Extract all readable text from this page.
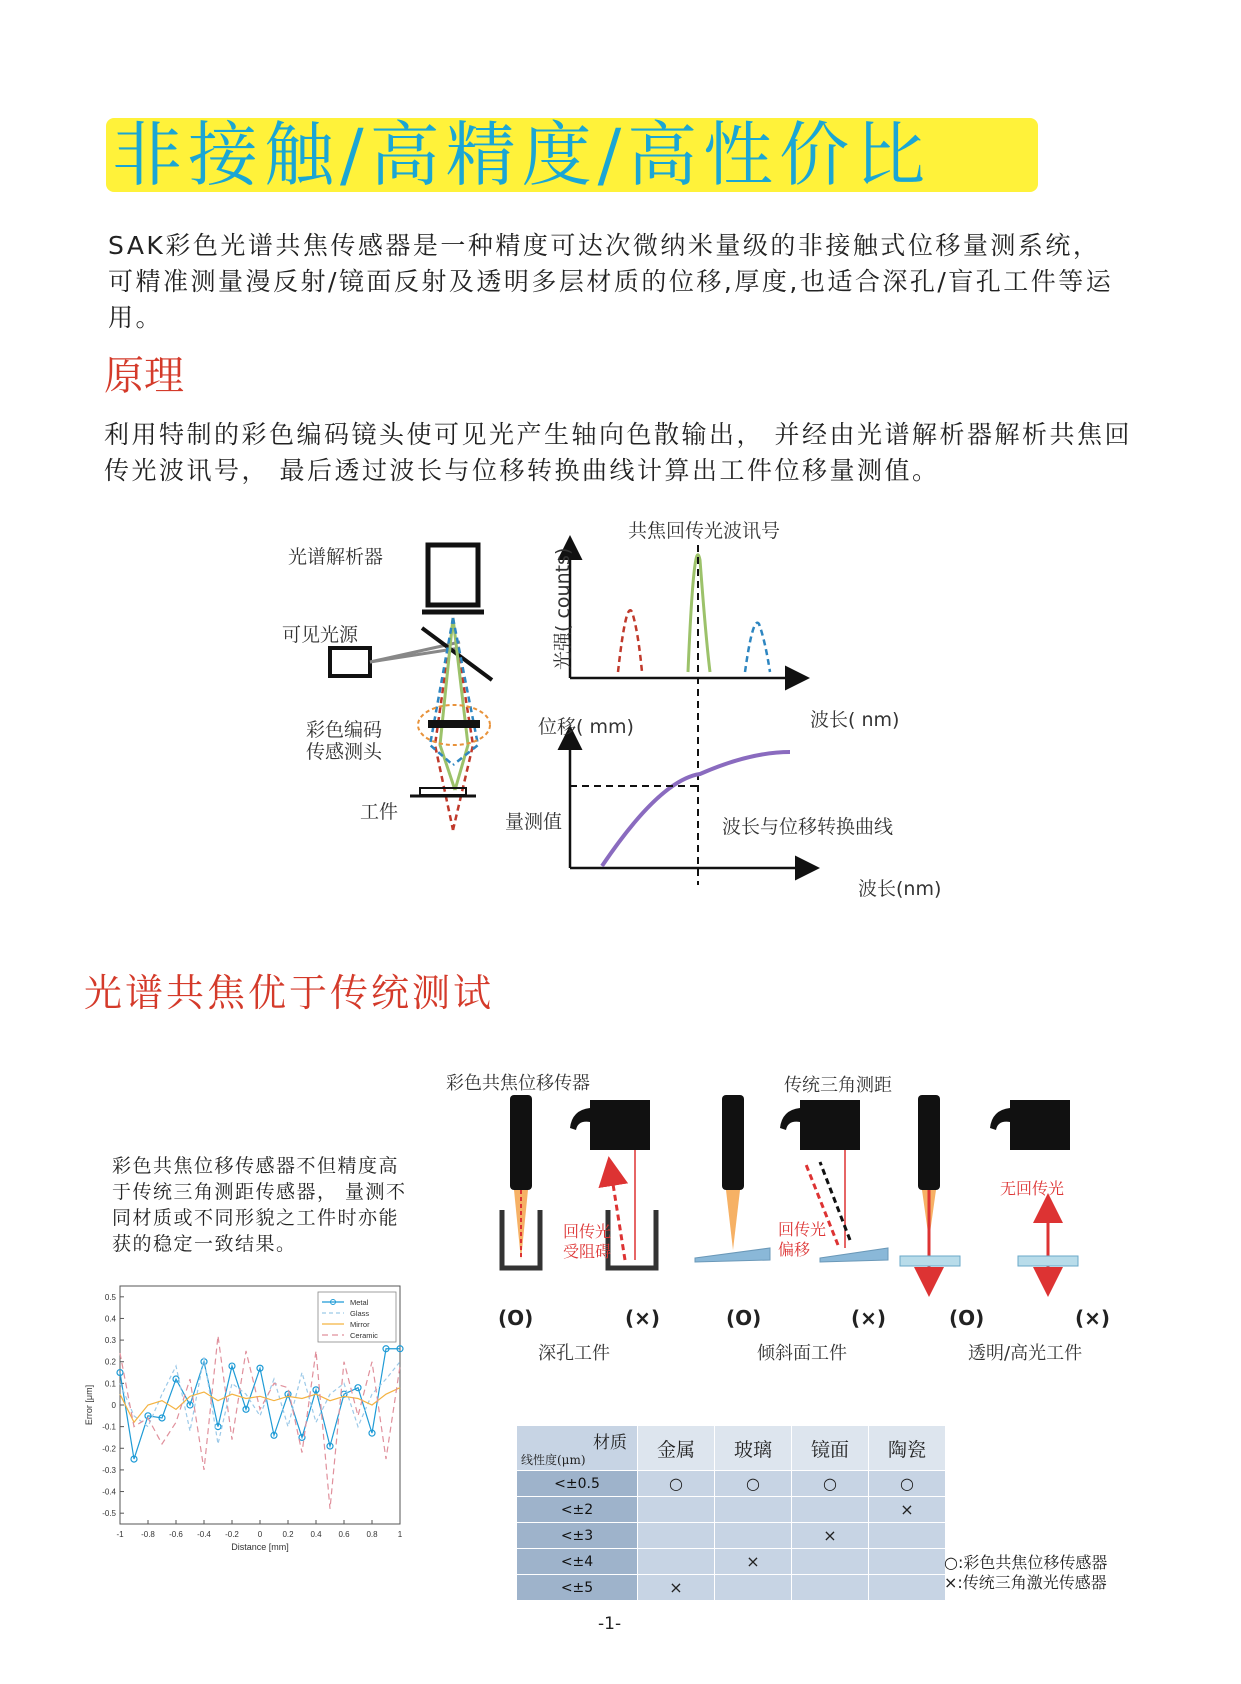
非接触/高精度/高性价比
SAK彩色光谱共焦传感器是一种精度可达次微纳米量级的非接触式位移量测系统， 可精准测量漫反射/镜面反射及透明多层材质的位移,厚度,也适合深孔/盲孔工件等运用。
原理
利用特制的彩色编码镜头使可见光产生轴向色散输出， 并经由光谱解析器解析共焦回传光波讯号， 最后透过波长与位移转换曲线计算出工件位移量测值。
光谱解析器
可见光源
彩色编码
传感测头
工件
共焦回传光波讯号
光强( counts)
波长( nm)
位移( mm)
量测值	波长与位移转换曲线
波长(nm)
光谱共焦优于传统测试
彩色共焦位移传感器不但精度高于传统三角测距传感器， 量测不同材质或不同形貌之工件时亦能获的稳定一致结果。
-1 -0.8 -0.6 -0.4 -0.2 0	0.2 0.4 0.6 0.8	1
0.5
0.4
0.3
0.2
0.1
0
-0.1
-0.2
-0.3
-0.4
-0.5
Distance [mm]
Error [μm]
Metal
Glass
Mirror
Ceramic
彩色共焦位移传器	传统三角测距
回传光
受阻碍
回传光
偏移
无回传光
(O)	(×)	(O)	(×)	(O)	(×)
深孔工件	倾斜面工件	透明/高光工件
材质
线性度(μm)	金属	玻璃	镜面	陶瓷
<±0.5	○	○	○	○
<±2				×
<±3			×	
<±4		×		
<±5	×			
○:彩色共焦位移传感器
×:传统三角激光传感器
-1-
